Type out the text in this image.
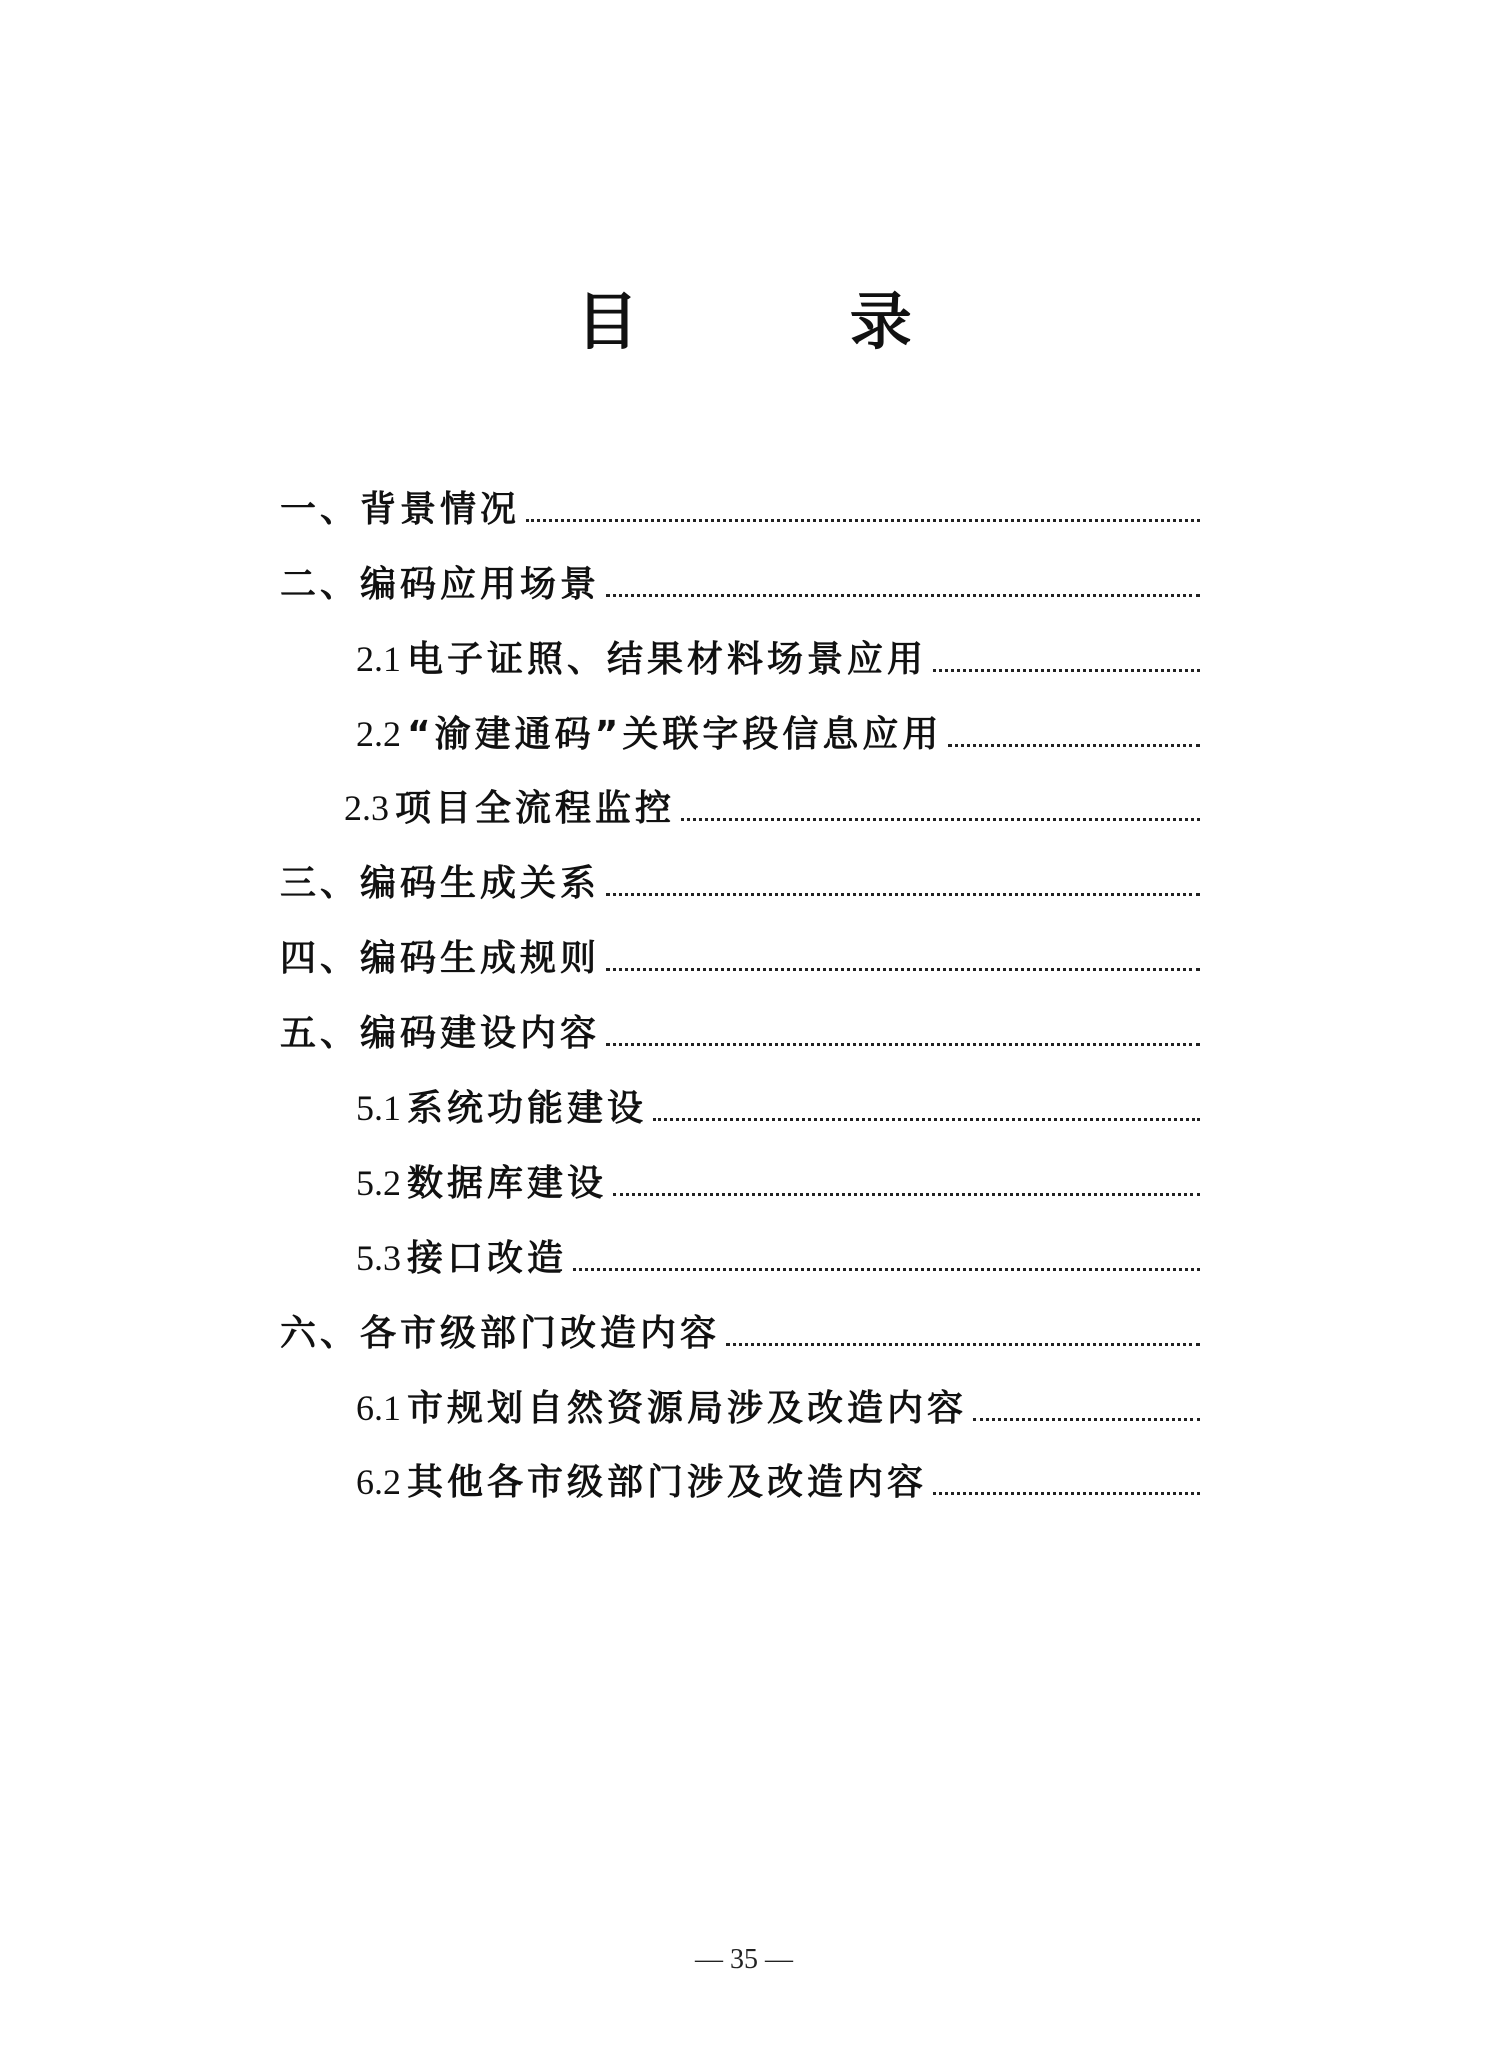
目 录
一、背景情况
二、编码应用场景
2.1 电子证照、结果材料场景应用
2.2 “渝建通码”关联字段信息应用
2.3 项目全流程监控
三、编码生成关系
四、编码生成规则
五、编码建设内容
5.1 系统功能建设
5.2 数据库建设
5.3 接口改造
六、各市级部门改造内容
6.1 市规划自然资源局涉及改造内容
6.2 其他各市级部门涉及改造内容
— 35 —
